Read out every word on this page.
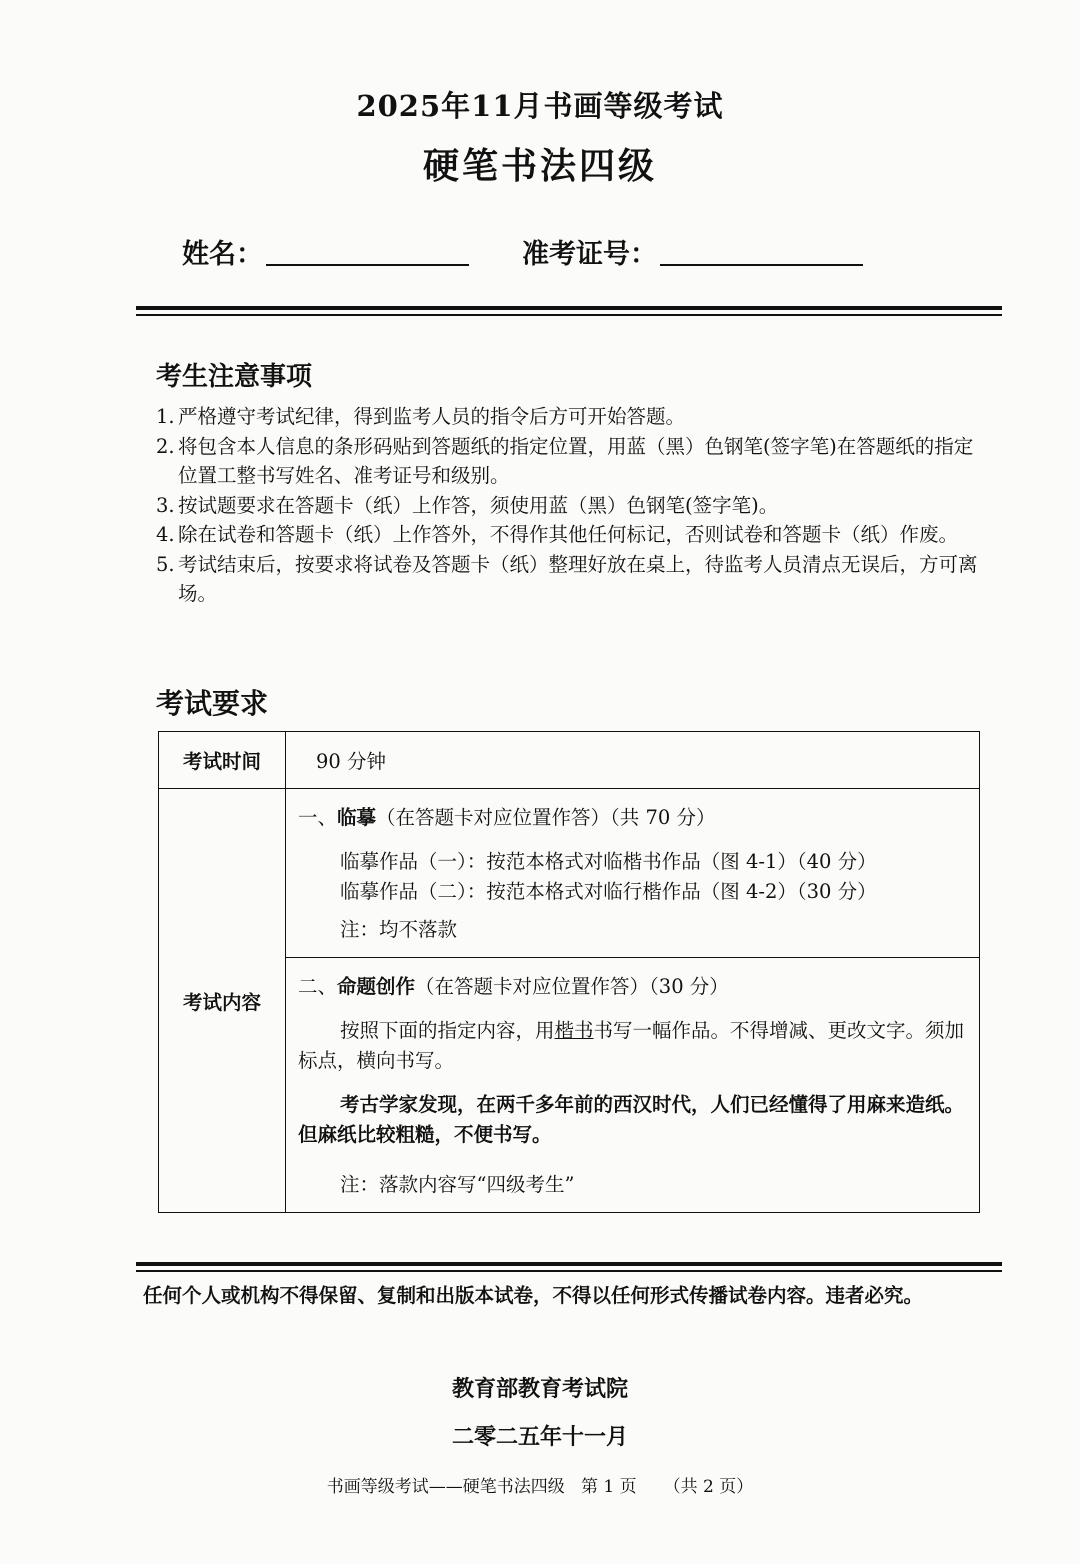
2025年11月书画等级考试
硬笔书法四级
姓名：	准考证号：
考生注意事项
1. 严格遵守考试纪律，得到监考人员的指令后方可开始答题。
2. 将包含本人信息的条形码贴到答题纸的指定位置，用蓝（黑）色钢笔(签字笔)在答题纸的指定位置工整书写姓名、准考证号和级别。
3. 按试题要求在答题卡（纸）上作答，须使用蓝（黑）色钢笔(签字笔)。
4. 除在试卷和答题卡（纸）上作答外，不得作其他任何标记，否则试卷和答题卡（纸）作废。
5. 考试结束后，按要求将试卷及答题卡（纸）整理好放在桌上，待监考人员清点无误后，方可离场。
考试要求
考试时间	90 分钟

考试内容	一、临摹（在答题卡对应位置作答）（共 70 分）
临摹作品（一）：按范本格式对临楷书作品（图 4-1）（40 分）
临摹作品（二）：按范本格式对临行楷作品（图 4-2）（30 分）
注：均不落款

	二、命题创作（在答题卡对应位置作答）（30 分）
按照下面的指定内容，用楷书书写一幅作品。不得增减、更改文字。须加标点，横向书写。
考古学家发现，在两千多年前的西汉时代，人们已经懂得了用麻来造纸。但麻纸比较粗糙，不便书写。
注：落款内容写“四级考生”
任何个人或机构不得保留、复制和出版本试卷，不得以任何形式传播试卷内容。违者必究。
教育部教育考试院
二零二五年十一月
书画等级考试——硬笔书法四级 第 1 页 （共 2 页）
